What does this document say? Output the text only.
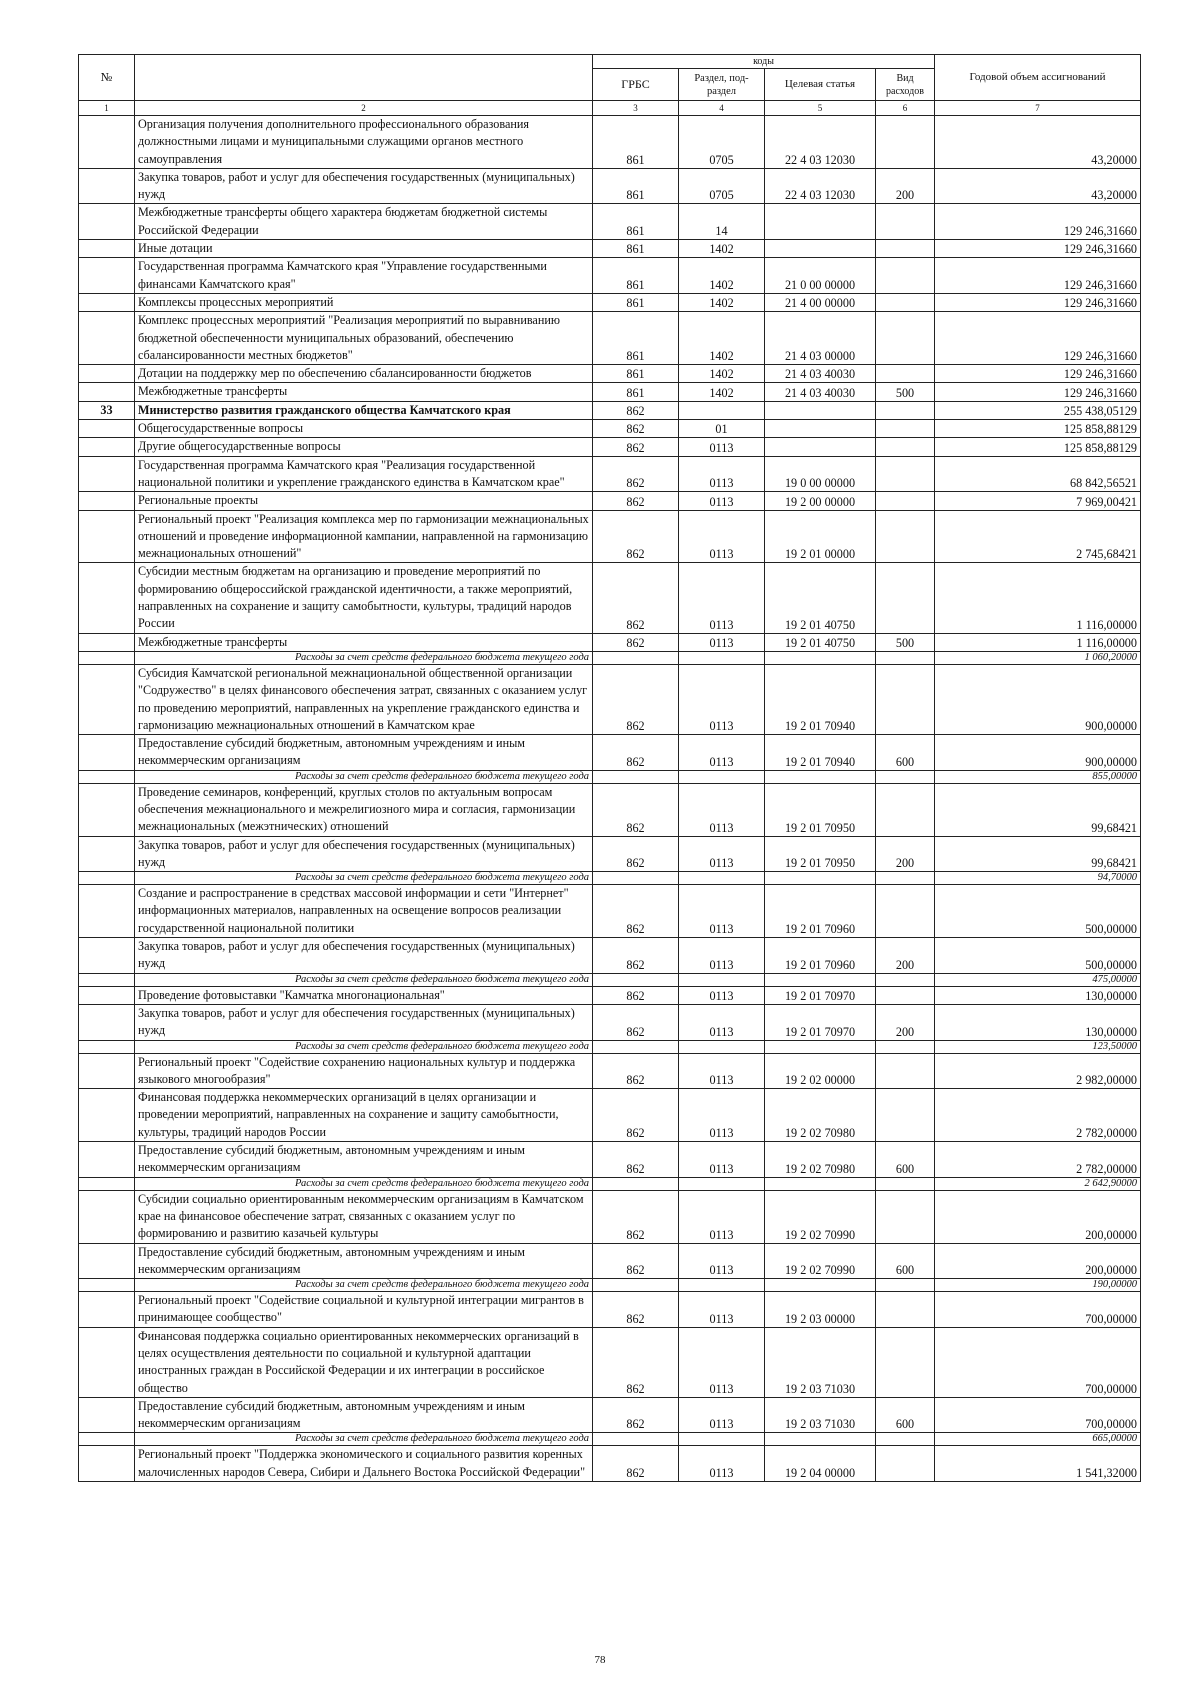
№		коды				Годовой объем ассигнований
		ГРБС	Раздел, под-раздел	Целевая статья	Вид расходов	
1	2	3	4	5	6	7
	Организация получения дополнительного профессионального образования должностными лицами и муниципальными служащими органов местного самоуправления	861	0705	22 4 03 12030		43,20000
	Закупка товаров, работ и услуг для обеспечения государственных (муниципальных) нужд	861	0705	22 4 03 12030	200	43,20000
	Межбюджетные трансферты общего характера бюджетам бюджетной системы Российской Федерации	861	14			129 246,31660
	Иные дотации	861	1402			129 246,31660
	Государственная программа Камчатского края "Управление государственными финансами Камчатского края"	861	1402	21 0 00 00000		129 246,31660
	Комплексы процессных мероприятий	861	1402	21 4 00 00000		129 246,31660
	Комплекс процессных мероприятий "Реализация мероприятий по выравниванию бюджетной обеспеченности муниципальных образований, обеспечению сбалансированности местных бюджетов"	861	1402	21 4 03 00000		129 246,31660
	Дотации на поддержку мер по обеспечению сбалансированности бюджетов	861	1402	21 4 03 40030		129 246,31660
	Межбюджетные трансферты	861	1402	21 4 03 40030	500	129 246,31660
33	Министерство развития гражданского общества Камчатского края	862				255 438,05129
	Общегосударственные вопросы	862	01			125 858,88129
	Другие общегосударственные вопросы	862	0113			125 858,88129
	Государственная программа Камчатского края "Реализация государственной национальной политики и укрепление гражданского единства в Камчатском крае"	862	0113	19 0 00 00000		68 842,56521
	Региональные проекты	862	0113	19 2 00 00000		7 969,00421
	Региональный проект "Реализация комплекса мер по гармонизации межнациональных отношений и проведение информационной кампании, направленной на гармонизацию межнациональных отношений"	862	0113	19 2 01 00000		2 745,68421
	Субсидии местным бюджетам на организацию и проведение мероприятий по формированию общероссийской гражданской идентичности, а также мероприятий, направленных на сохранение и защиту самобытности, культуры, традиций народов России	862	0113	19 2 01 40750		1 116,00000
	Межбюджетные трансферты	862	0113	19 2 01 40750	500	1 116,00000
	Расходы за счет средств федерального бюджета текущего года					1 060,20000
	Субсидия Камчатской региональной межнациональной общественной организации "Содружество" в целях финансового обеспечения затрат, связанных с оказанием услуг по проведению мероприятий, направленных на укрепление гражданского единства и гармонизацию межнациональных отношений в Камчатском крае	862	0113	19 2 01 70940		900,00000
	Предоставление субсидий бюджетным, автономным учреждениям и иным некоммерческим организациям	862	0113	19 2 01 70940	600	900,00000
	Расходы за счет средств федерального бюджета текущего года					855,00000
	Проведение семинаров, конференций, круглых столов по актуальным вопросам обеспечения межнационального и межрелигиозного мира и согласия, гармонизации межнациональных (межэтнических) отношений	862	0113	19 2 01 70950		99,68421
	Закупка товаров, работ и услуг для обеспечения государственных (муниципальных) нужд	862	0113	19 2 01 70950	200	99,68421
	Расходы за счет средств федерального бюджета текущего года					94,70000
	Создание и распространение в средствах массовой информации и сети "Интернет" информационных материалов, направленных на освещение вопросов реализации государственной национальной политики	862	0113	19 2 01 70960		500,00000
	Закупка товаров, работ и услуг для обеспечения государственных (муниципальных) нужд	862	0113	19 2 01 70960	200	500,00000
	Расходы за счет средств федерального бюджета текущего года					475,00000
	Проведение фотовыставки "Камчатка многонациональная"	862	0113	19 2 01 70970		130,00000
	Закупка товаров, работ и услуг для обеспечения государственных (муниципальных) нужд	862	0113	19 2 01 70970	200	130,00000
	Расходы за счет средств федерального бюджета текущего года					123,50000
	Региональный проект "Содействие сохранению национальных культур и поддержка языкового многообразия"	862	0113	19 2 02 00000		2 982,00000
	Финансовая поддержка некоммерческих организаций в целях организации и проведении мероприятий, направленных на сохранение и защиту самобытности, культуры, традиций народов России	862	0113	19 2 02 70980		2 782,00000
	Предоставление субсидий бюджетным, автономным учреждениям и иным некоммерческим организациям	862	0113	19 2 02 70980	600	2 782,00000
	Расходы за счет средств федерального бюджета текущего года					2 642,90000
	Субсидии социально ориентированным некоммерческим организациям в Камчатском крае на финансовое обеспечение затрат, связанных с оказанием услуг по формированию и развитию казачьей культуры	862	0113	19 2 02 70990		200,00000
	Предоставление субсидий бюджетным, автономным учреждениям и иным некоммерческим организациям	862	0113	19 2 02 70990	600	200,00000
	Расходы за счет средств федерального бюджета текущего года					190,00000
	Региональный проект "Содействие социальной и культурной интеграции мигрантов в принимающее сообщество"	862	0113	19 2 03 00000		700,00000
	Финансовая поддержка социально ориентированных некоммерческих организаций в целях осуществления деятельности по социальной и культурной адаптации иностранных граждан в Российской Федерации и их интеграции в российское общество	862	0113	19 2 03 71030		700,00000
	Предоставление субсидий бюджетным, автономным учреждениям и иным некоммерческим организациям	862	0113	19 2 03 71030	600	700,00000
	Расходы за счет средств федерального бюджета текущего года					665,00000
	Региональный проект "Поддержка экономического и социального развития коренных малочисленных народов Севера, Сибири и Дальнего Востока Российской Федерации"	862	0113	19 2 04 00000		1 541,32000
78
